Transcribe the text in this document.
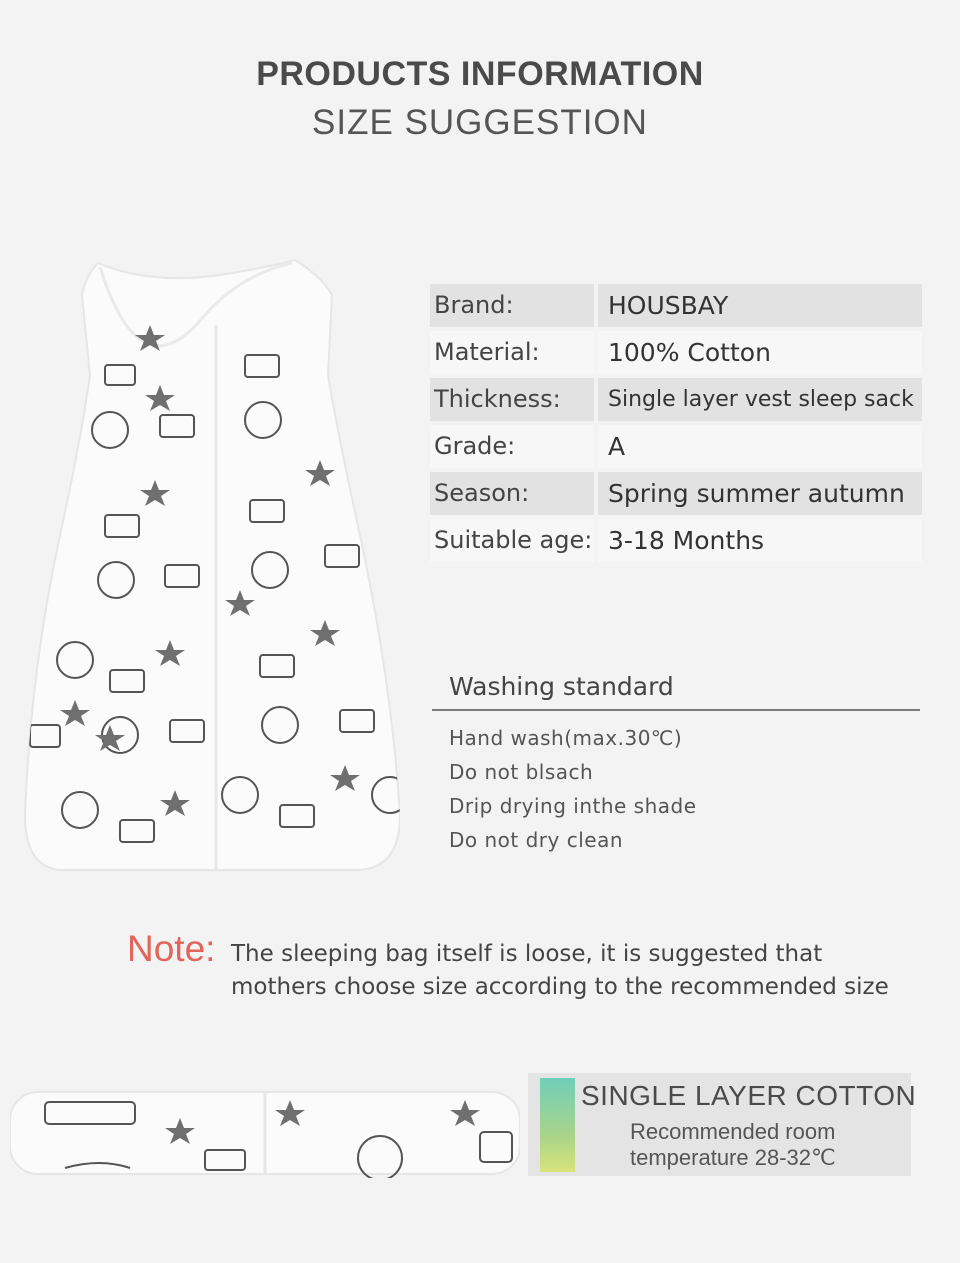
PRODUCTS INFORMATION
SIZE SUGGESTION
Brand:	HOUSBAY
Material:	100% Cotton
Thickness:	Single layer vest sleep sack
Grade:	A
Season:	Spring summer autumn
Suitable age: 3-18 Months
Washing standard
Hand wash(max.30℃)
Do not blsach
Drip drying inthe shade
Do not dry clean
Note: The sleeping bag itself is loose, it is suggested that
mothers choose size according to the recommended size
SINGLE LAYER COTTON
Recommended room
temperature 28-32℃
